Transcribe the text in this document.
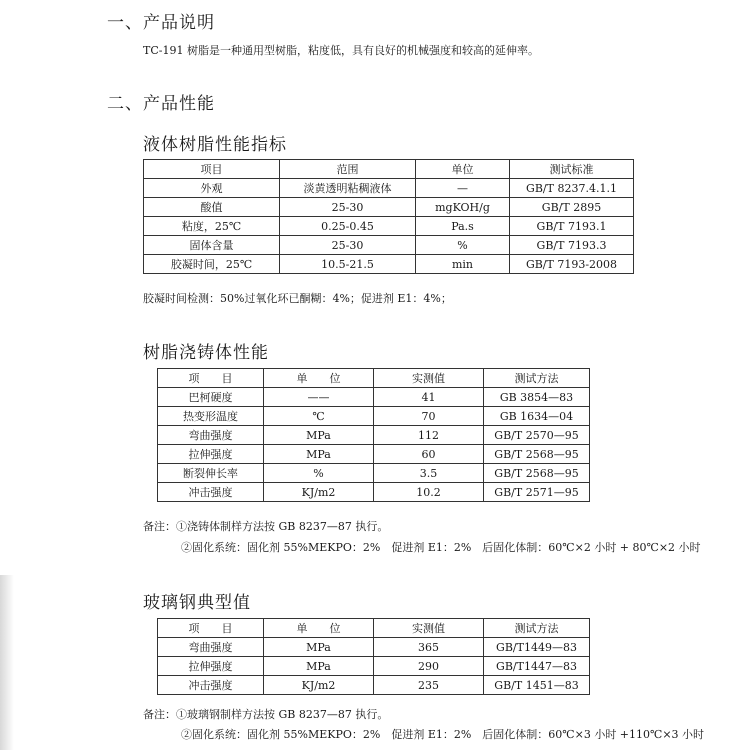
一、产品说明
TC-191 树脂是一种通用型树脂，粘度低，具有良好的机械强度和较高的延伸率。
二、产品性能
液体树脂性能指标
项目	范围	单位	测试标准
外观	淡黄透明粘稠液体	—	GB/T 8237.4.1.1
酸值	25-30	mgKOH/g	GB/T 2895
粘度，25℃	0.25-0.45	Pa.s	GB/T 7193.1
固体含量	25-30	%	GB/T 7193.3
胶凝时间，25℃	10.5-21.5	min	GB/T 7193-2008
胶凝时间检测：50%过氧化环已酮糊：4%；促进剂 E1：4%；
树脂浇铸体性能
项　　目	单　　位	实测值	测试方法
巴柯硬度	——	41	GB 3854—83
热变形温度	℃	70	GB 1634—04
弯曲强度	MPa	112	GB/T 2570—95
拉伸强度	MPa	60	GB/T 2568—95
断裂伸长率	%	3.5	GB/T 2568—95
冲击强度	KJ/m2	10.2	GB/T 2571—95
备注：①浇铸体制样方法按 GB 8237—87 执行。
②固化系统：固化剂 55%MEKPO：2%　促进剂 E1：2%　后固化体制：60℃×2 小时 + 80℃×2 小时
玻璃钢典型值
项　　目	单　　位	实测值	测试方法
弯曲强度	MPa	365	GB/T1449—83
拉伸强度	MPa	290	GB/T1447—83
冲击强度	KJ/m2	235	GB/T 1451—83
备注：①玻璃钢制样方法按 GB 8237—87 执行。
②固化系统：固化剂 55%MEKPO：2%　促进剂 E1：2%　后固化体制：60℃×3 小时 +110℃×3 小时
